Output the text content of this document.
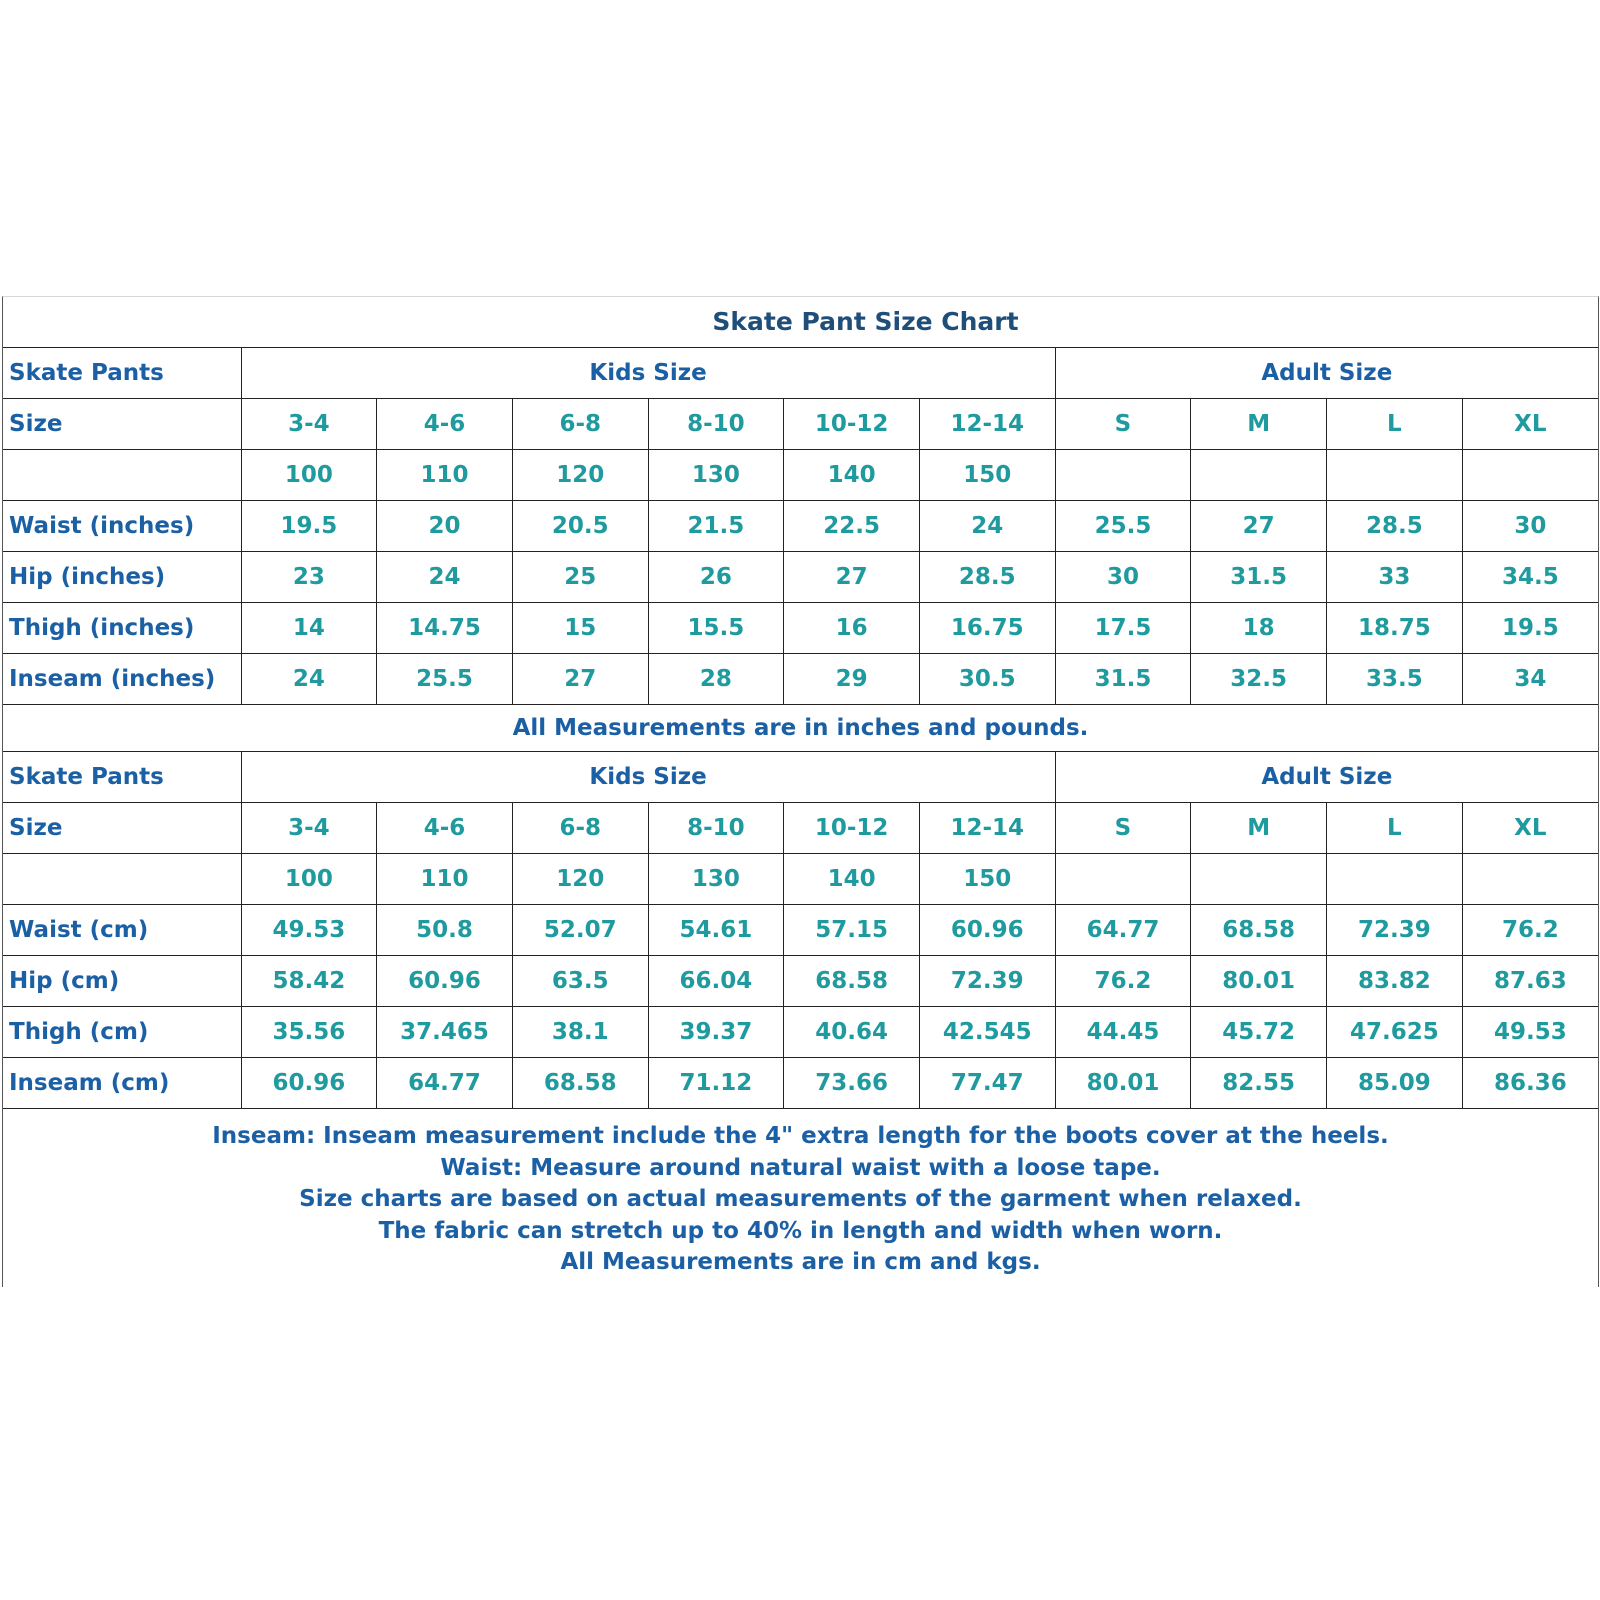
Skate Pant Size Chart
Skate Pants	Kids Size						Adult Size			
Size	3-4	4-6	6-8	8-10	10-12	12-14	S	M	L	XL
	100	110	120	130	140	150				
Waist (inches)	19.5	20	20.5	21.5	22.5	24	25.5	27	28.5	30
Hip (inches)	23	24	25	26	27	28.5	30	31.5	33	34.5
Thigh (inches)	14	14.75	15	15.5	16	16.75	17.5	18	18.75	19.5
Inseam (inches)	24	25.5	27	28	29	30.5	31.5	32.5	33.5	34
All Measurements are in inches and pounds.
Skate Pants	Kids Size						Adult Size			
Size	3-4	4-6	6-8	8-10	10-12	12-14	S	M	L	XL
	100	110	120	130	140	150				
Waist (cm)	49.53	50.8	52.07	54.61	57.15	60.96	64.77	68.58	72.39	76.2
Hip (cm)	58.42	60.96	63.5	66.04	68.58	72.39	76.2	80.01	83.82	87.63
Thigh (cm)	35.56	37.465	38.1	39.37	40.64	42.545	44.45	45.72	47.625	49.53
Inseam (cm)	60.96	64.77	68.58	71.12	73.66	77.47	80.01	82.55	85.09	86.36
Inseam: Inseam measurement include the 4" extra length for the boots cover at the heels.
Waist: Measure around natural waist with a loose tape.
Size charts are based on actual measurements of the garment when relaxed.
The fabric can stretch up to 40% in length and width when worn.
All Measurements are in cm and kgs.
